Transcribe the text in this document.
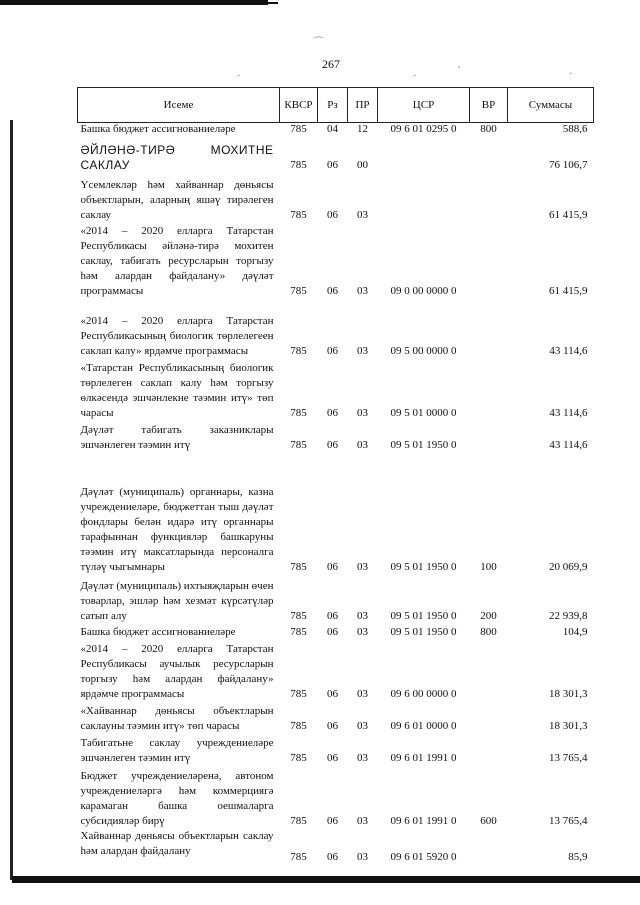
⌒
·	·	'	·
267
Исеме	КВСР	Рз	ПР	ЦСР	ВР	Суммасы
Башка бюджет ассигнованиеләре	785	04	12	09 6 01 0295 0	800	588,6

ӘЙЛӘНӘ-ТИРӘ МОХИТНЕ
САКЛАУ	785	06	00			76 106,7
Үсемлекләр һәм хайваннар дөньясы объектларын, аларның яшәү тирәлеген саклау	785	06	03			61 415,9
«2014 – 2020 елларга Татарстан Республикасы әйләнә-тирә мохитен саклау, табигать ресурсларын торгызу һәм алардан файдалану» дәүләт программасы	785	06	03	09 0 00 0000 0		61 415,9
«2014 – 2020 елларга Татарстан Республикасының биологик төрлелегеен саклап калу» ярдәмче программасы	785	06	03	09 5 00 0000 0		43 114,6
«Татарстан Республикасының биологик төрлелеген саклап калу һәм торгызу өлкәсендә эшчәнлекне тәэмин итү» төп чарасы	785	06	03	09 5 01 0000 0		43 114,6
Дәүләт табигать заказниклары эшчәнлеген тәэмин итү	785	06	03	09 5 01 1950 0		43 114,6
Дәүләт (муниципаль) органнары, казна учреждениеләре, бюджеттан тыш дәүләт фондлары белән идарә итү органнары тарафыннан функцияләр башкаруны тәэмин итү максатларында персоналга түләү чыгымнары	785	06	03	09 5 01 1950 0	100	20 069,9
Дәүләт (муниципаль) ихтыяҗларын өчен товарлар, эшләр һәм хезмәт күрсәтүләр сатып алу	785	06	03	09 5 01 1950 0	200	22 939,8
Башка бюджет ассигнованиеләре	785	06	03	09 5 01 1950 0	800	104,9
«2014 – 2020 елларга Татарстан Республикасы аучылык ресурсларын торгызу һәм алардан файдалану» ярдәмче программасы	785	06	03	09 6 00 0000 0		18 301,3
«Хайваннар дөньясы объектларын саклауны тәэмин итү» төп чарасы	785	06	03	09 6 01 0000 0		18 301,3
Табигатьне саклау учреждениеләре эшчәнлеген тәэмин итү	785	06	03	09 6 01 1991 0		13 765,4
Бюджет учреждениеләренә, автоном учреждениеләргә һәм коммерциягә карамаган башка оешмаларга субсидияләр бирү	785	06	03	09 6 01 1991 0	600	13 765,4
Хайваннар дөньясы объектларын саклау һәм алардан файдалану	785	06	03	09 6 01 5920 0		85,9
